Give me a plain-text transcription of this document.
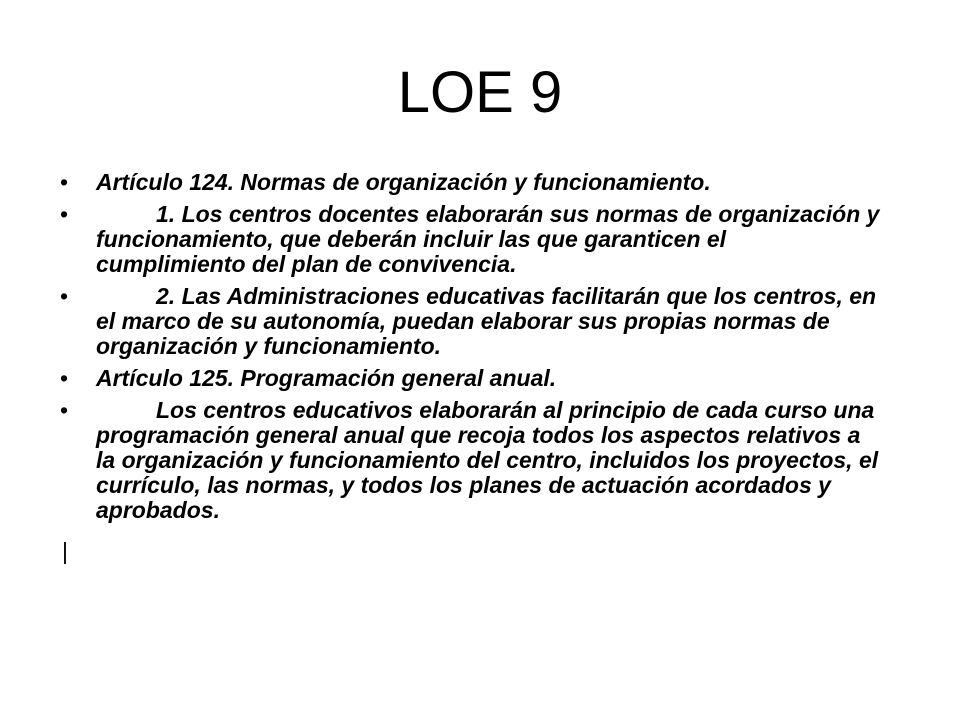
LOE 9
• Artículo 124. Normas de organización y funcionamiento.
•	1. Los centros docentes elaborarán sus normas de organización y funcionamiento, que deberán incluir las que garanticen el cumplimiento del plan de convivencia.
•	2. Las Administraciones educativas facilitarán que los centros, en el marco de su autonomía, puedan elaborar sus propias normas de organización y funcionamiento.
• Artículo 125. Programación general anual.
•	Los centros educativos elaborarán al principio de cada curso una programación general anual que recoja todos los aspectos relativos a la organización y funcionamiento del centro, incluidos los proyectos, el currículo, las normas, y todos los planes de actuación acordados y aprobados.
|
